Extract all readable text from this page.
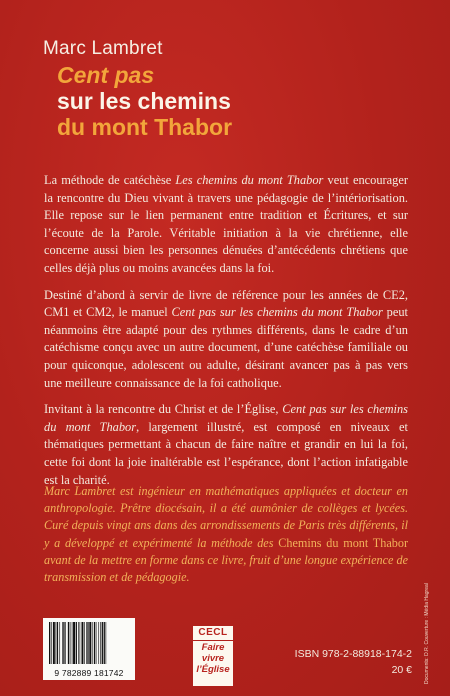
Marc Lambret
Cent pas
sur les chemins
du mont Thabor

La méthode de catéchèse Les chemins du mont Thabor veut encourager la rencontre du Dieu vivant à travers une pédagogie de l’intériorisation. Elle repose sur le lien permanent entre tradition et Écritures, et sur l’écoute de la Parole. Véritable initiation à la vie chrétienne, elle concerne aussi bien les personnes dénuées d’antécédents chrétiens que celles déjà plus ou moins avancées dans la foi.

Destiné d’abord à servir de livre de référence pour les années de CE2, CM1 et CM2, le manuel Cent pas sur les chemins du mont Thabor peut néanmoins être adapté pour des rythmes différents, dans le cadre d’un catéchisme conçu avec un autre document, d’une catéchèse familiale ou pour quiconque, adolescent ou adulte, désirant avancer pas à pas vers une meilleure connaissance de la foi catholique.

Invitant à la rencontre du Christ et de l’Église, Cent pas sur les chemins du mont Thabor, largement illustré, est composé en niveaux et thématiques permettant à chacun de faire naître et grandir en lui la foi, cette foi dont la joie inaltérable est l’espérance, dont l’action infatigable est la charité.

Marc Lambret est ingénieur en mathématiques appliquées et docteur en anthropologie. Prêtre diocésain, il a été aumônier de collèges et lycées. Curé depuis vingt ans dans des arrondissements de Paris très différents, il y a développé et expérimenté la méthode des Chemins du mont Thabor avant de la mettre en forme dans ce livre, fruit d’une longue expérience de transmission et de pédagogie.
9 782889 181742
CECL
Faire
vivre
l’Église
ISBN 978-2-88918-174-2
20 € Documents: D.R. Couverture : Média Hagreal
